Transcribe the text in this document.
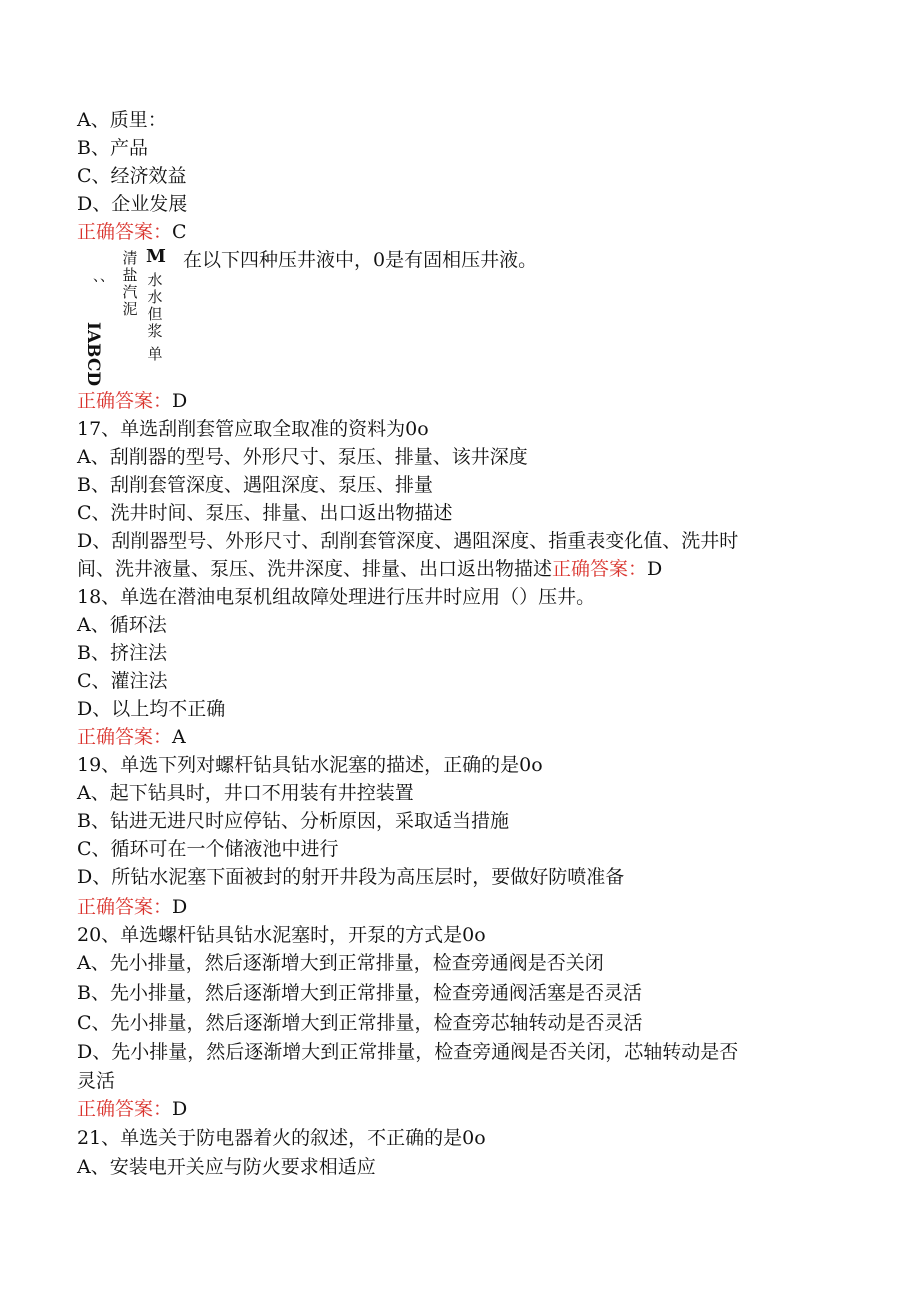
A、质里：
B、产品
C、经济效益
D、企业发展
正确答案：C
IABCD
、、
清盐汽泥
M
水水但浆
单
在以下四种压井液中，0是有固相压井液。
正确答案：D
17、单选刮削套管应取全取准的资料为0o
A、刮削器的型号、外形尺寸、泵压、排量、该井深度
B、刮削套管深度、遇阻深度、泵压、排量
C、洗井时间、泵压、排量、出口返出物描述
D、刮削器型号、外形尺寸、刮削套管深度、遇阻深度、指重表变化值、洗井时
间、洗井液量、泵压、洗井深度、排量、出口返出物描述正确答案：D
18、单选在潜油电泵机组故障处理进行压井时应用（）压井。
A、循环法
B、挤注法
C、灌注法
D、以上均不正确
正确答案：A
19、单选下列对螺杆钻具钻水泥塞的描述，正确的是0o
A、起下钻具时，井口不用装有井控装置
B、钻进无进尺时应停钻、分析原因，采取适当措施
C、循环可在一个储液池中进行
D、所钻水泥塞下面被封的射开井段为高压层时，要做好防喷准备
正确答案：D
20、单选螺杆钻具钻水泥塞时，开泵的方式是0o
A、先小排量，然后逐渐增大到正常排量，检查旁通阀是否关闭
B、先小排量，然后逐渐增大到正常排量，检查旁通阀活塞是否灵活
C、先小排量，然后逐渐增大到正常排量，检查旁芯轴转动是否灵活
D、先小排量，然后逐渐增大到正常排量，检查旁通阀是否关闭，芯轴转动是否
灵活
正确答案：D
21、单选关于防电器着火的叙述，不正确的是0o
A、安装电开关应与防火要求相适应
